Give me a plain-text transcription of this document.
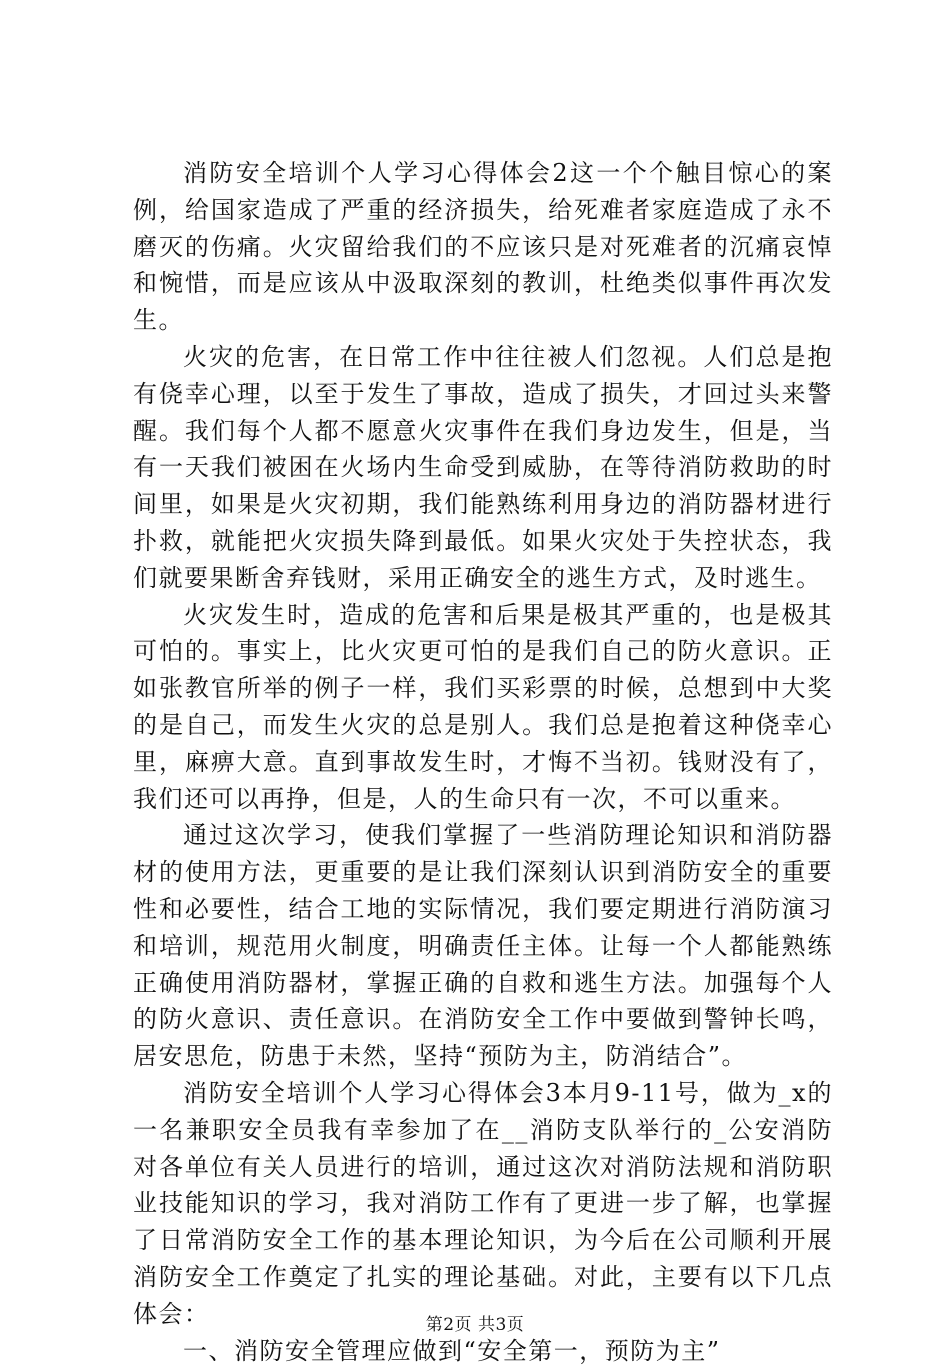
消防安全培训个人学习心得体会2这一个个触目惊心的案例，给国家造成了严重的经济损失，给死难者家庭造成了永不磨灭的伤痛。火灾留给我们的不应该只是对死难者的沉痛哀悼和惋惜，而是应该从中汲取深刻的教训，杜绝类似事件再次发生。

火灾的危害，在日常工作中往往被人们忽视。人们总是抱有侥幸心理，以至于发生了事故，造成了损失，才回过头来警醒。我们每个人都不愿意火灾事件在我们身边发生，但是，当有一天我们被困在火场内生命受到威胁，在等待消防救助的时间里，如果是火灾初期，我们能熟练利用身边的消防器材进行扑救，就能把火灾损失降到最低。如果火灾处于失控状态，我们就要果断舍弃钱财，采用正确安全的逃生方式，及时逃生。

火灾发生时，造成的危害和后果是极其严重的，也是极其可怕的。事实上，比火灾更可怕的是我们自己的防火意识。正如张教官所举的例子一样，我们买彩票的时候，总想到中大奖的是自己，而发生火灾的总是别人。我们总是抱着这种侥幸心里，麻痹大意。直到事故发生时，才悔不当初。钱财没有了，我们还可以再挣，但是，人的生命只有一次，不可以重来。

通过这次学习，使我们掌握了一些消防理论知识和消防器材的使用方法，更重要的是让我们深刻认识到消防安全的重要性和必要性，结合工地的实际情况，我们要定期进行消防演习和培训，规范用火制度，明确责任主体。让每一个人都能熟练正确使用消防器材，掌握正确的自救和逃生方法。加强每个人的防火意识、责任意识。在消防安全工作中要做到警钟长鸣，居安思危，防患于未然，坚持“预防为主，防消结合”。

消防安全培训个人学习心得体会3本月9-11号，做为_x的一名兼职安全员我有幸参加了在__消防支队举行的_公安消防对各单位有关人员进行的培训，通过这次对消防法规和消防职业技能知识的学习，我对消防工作有了更进一步了解，也掌握了日常消防安全工作的基本理论知识，为今后在公司顺利开展消防安全工作奠定了扎实的理论基础。对此，主要有以下几点体会：

一、消防安全管理应做到“安全第一，预防为主”

第2页 共3页
